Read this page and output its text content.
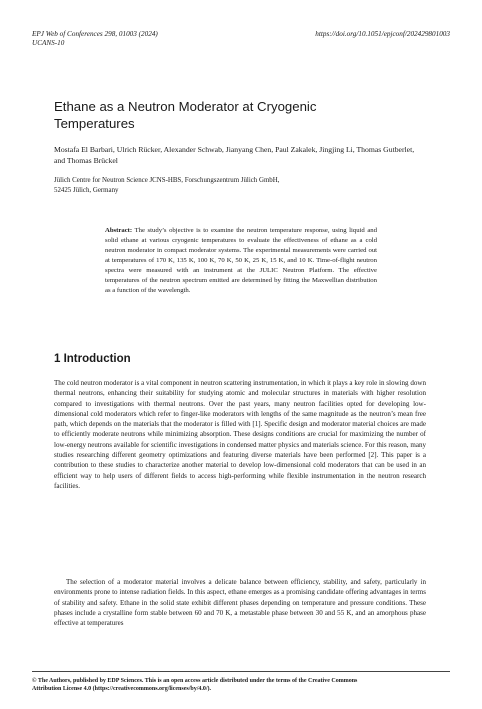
EPJ Web of Conferences 298, 01003 (2024)
UCANS-10
https://doi.org/10.1051/epjconf/202429801003
Ethane as a Neutron Moderator at Cryogenic Temperatures
Mostafa El Barbari, Ulrich Rücker, Alexander Schwab, Jianyang Chen, Paul Zakalek, Jingjing Li, Thomas Gutberlet, and Thomas Brückel
Jülich Centre for Neutron Science JCNS-HBS, Forschungszentrum Jülich GmbH,
52425 Jülich, Germany
Abstract: The study’s objective is to examine the neutron temperature response, using liquid and solid ethane at various cryogenic temperatures to evaluate the effectiveness of ethane as a cold neutron moderator in compact moderator systems. The experimental measurements were carried out at temperatures of 170 K, 135 K, 100 K, 70 K, 50 K, 25 K, 15 K, and 10 K. Time-of-flight neutron spectra were measured with an instrument at the JULIC Neutron Platform. The effective temperatures of the neutron spectrum emitted are determined by fitting the Maxwellian distribution as a function of the wavelength.
1 Introduction
The cold neutron moderator is a vital component in neutron scattering instrumentation, in which it plays a key role in slowing down thermal neutrons, enhancing their suitability for studying atomic and molecular structures in materials with higher resolution compared to investigations with thermal neutrons. Over the past years, many neutron facilities opted for developing low-dimensional cold moderators which refer to finger-like moderators with lengths of the same magnitude as the neutron’s mean free path, which depends on the materials that the moderator is filled with [1]. Specific design and moderator material choices are made to efficiently moderate neutrons while minimizing absorption. These designs conditions are crucial for maximizing the number of low-energy neutrons available for scientific investigations in condensed matter physics and materials science. For this reason, many studies researching different geometry optimizations and featuring diverse materials have been performed [2]. This paper is a contribution to these studies to characterize another material to develop low-dimensional cold moderators that can be used in an efficient way to help users of different fields to access high-performing while flexible instrumentation in the neutron research facilities.
The selection of a moderator material involves a delicate balance between efficiency, stability, and safety, particularly in environments prone to intense radiation fields. In this aspect, ethane emerges as a promising candidate offering advantages in terms of stability and safety. Ethane in the solid state exhibit different phases depending on temperature and pressure conditions. These phases include a crystalline form stable between 60 and 70 K, a metastable phase between 30 and 55 K, and an amorphous phase effective at temperatures
© The Authors, published by EDP Sciences. This is an open access article distributed under the terms of the Creative Commons
Attribution License 4.0 (https://creativecommons.org/licenses/by/4.0/).
